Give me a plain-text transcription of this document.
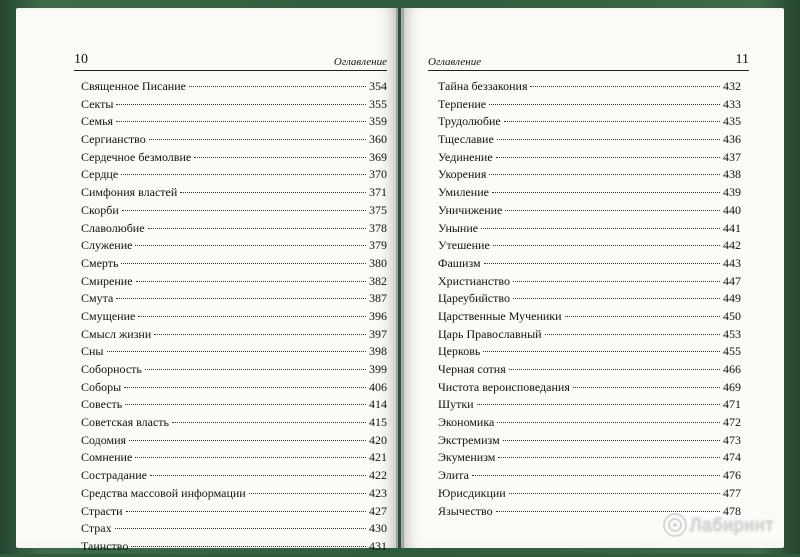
10	Оглавление
Священное Писание	354
Секты	355
Семья	359
Сергианство	360
Сердечное безмолвие	369
Сердце	370
Симфония властей	371
Скорби	375
Славолюбие	378
Служение	379
Смерть	380
Смирение	382
Смута	387
Смущение	396
Смысл жизни	397
Сны	398
Соборность	399
Соборы	406
Совесть	414
Советская власть	415
Содомия	420
Сомнение	421
Сострадание	422
Средства массовой информации	423
Страсти	427
Страх	430
Таинство	431
Оглавление	11
Тайна беззакония	432
Терпение	433
Трудолюбие	435
Тщеславие	436
Уединение	437
Укорения	438
Умиление	439
Уничижение	440
Уныние	441
Утешение	442
Фашизм	443
Христианство	447
Цареубийство	449
Царственные Мученики	450
Царь Православный	453
Церковь	455
Черная сотня	466
Чистота вероисповедания	469
Шутки	471
Экономика	472
Экстремизм	473
Экуменизм	474
Элита	476
Юрисдикции	477
Язычество	478
Лабиринт
